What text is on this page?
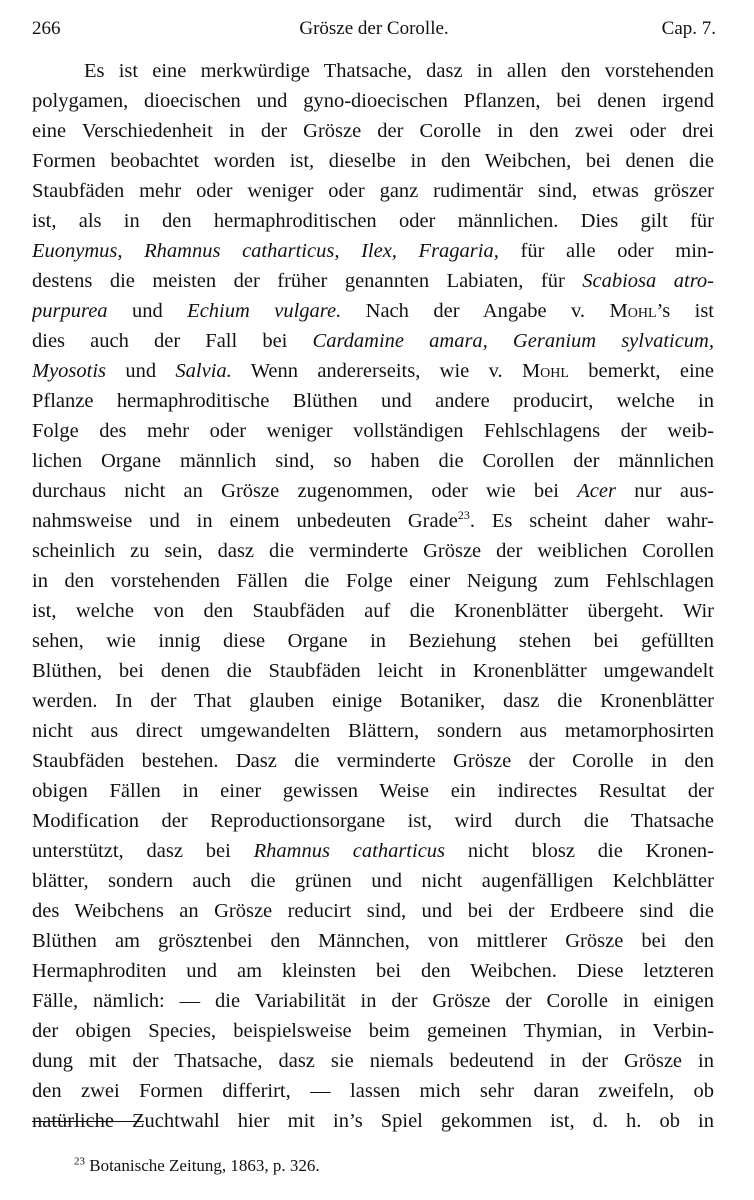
266	Grösze der Corolle.	Cap. 7.
Es ist eine merkwürdige Thatsache, dasz in allen den vorstehenden
polygamen, dioecischen und gyno-dioecischen Pflanzen, bei denen irgend
eine Verschiedenheit in der Grösze der Corolle in den zwei oder drei
Formen beobachtet worden ist, dieselbe in den Weibchen, bei denen die
Staubfäden mehr oder weniger oder ganz rudimentär sind, etwas gröszer
ist, als in den hermaphroditischen oder männlichen. Dies gilt für
Euonymus, Rhamnus catharticus, Ilex, Fragaria, für alle oder min-
destens die meisten der früher genannten Labiaten, für Scabiosa atro-
purpurea und Echium vulgare. Nach der Angabe v. Mohl’s ist
dies auch der Fall bei Cardamine amara, Geranium sylvaticum,
Myosotis und Salvia. Wenn andererseits, wie v. Mohl bemerkt, eine
Pflanze hermaphroditische Blüthen und andere producirt, welche in
Folge des mehr oder weniger vollständigen Fehlschlagens der weib-
lichen Organe männlich sind, so haben die Corollen der männlichen
durchaus nicht an Grösze zugenommen, oder wie bei Acer nur aus-
nahmsweise und in einem unbedeuten Grade$^{23}$. Es scheint daher wahr-
scheinlich zu sein, dasz die verminderte Grösze der weiblichen Corollen
in den vorstehenden Fällen die Folge einer Neigung zum Fehlschlagen
ist, welche von den Staubfäden auf die Kronenblätter übergeht. Wir
sehen, wie innig diese Organe in Beziehung stehen bei gefüllten
Blüthen, bei denen die Staubfäden leicht in Kronenblätter umgewandelt
werden. In der That glauben einige Botaniker, dasz die Kronenblätter
nicht aus direct umgewandelten Blättern, sondern aus metamorphosirten
Staubfäden bestehen. Dasz die verminderte Grösze der Corolle in den
obigen Fällen in einer gewissen Weise ein indirectes Resultat der
Modification der Reproductionsorgane ist, wird durch die Thatsache
unterstützt, dasz bei Rhamnus catharticus nicht blosz die Kronen-
blätter, sondern auch die grünen und nicht augenfälligen Kelchblätter
des Weibchens an Grösze reducirt sind, und bei der Erdbeere sind die
Blüthen am grösztenbei den Männchen, von mittlerer Grösze bei den
Hermaphroditen und am kleinsten bei den Weibchen. Diese letzteren
Fälle, nämlich: — die Variabilität in der Grösze der Corolle in einigen
der obigen Species, beispielsweise beim gemeinen Thymian, in Verbin-
dung mit der Thatsache, dasz sie niemals bedeutend in der Grösze in
den zwei Formen differirt, — lassen mich sehr daran zweifeln, ob
natürliche Zuchtwahl hier mit in’s Spiel gekommen ist, d. h. ob in
$^{23}$ Botanische Zeitung, 1863, p. 326.
